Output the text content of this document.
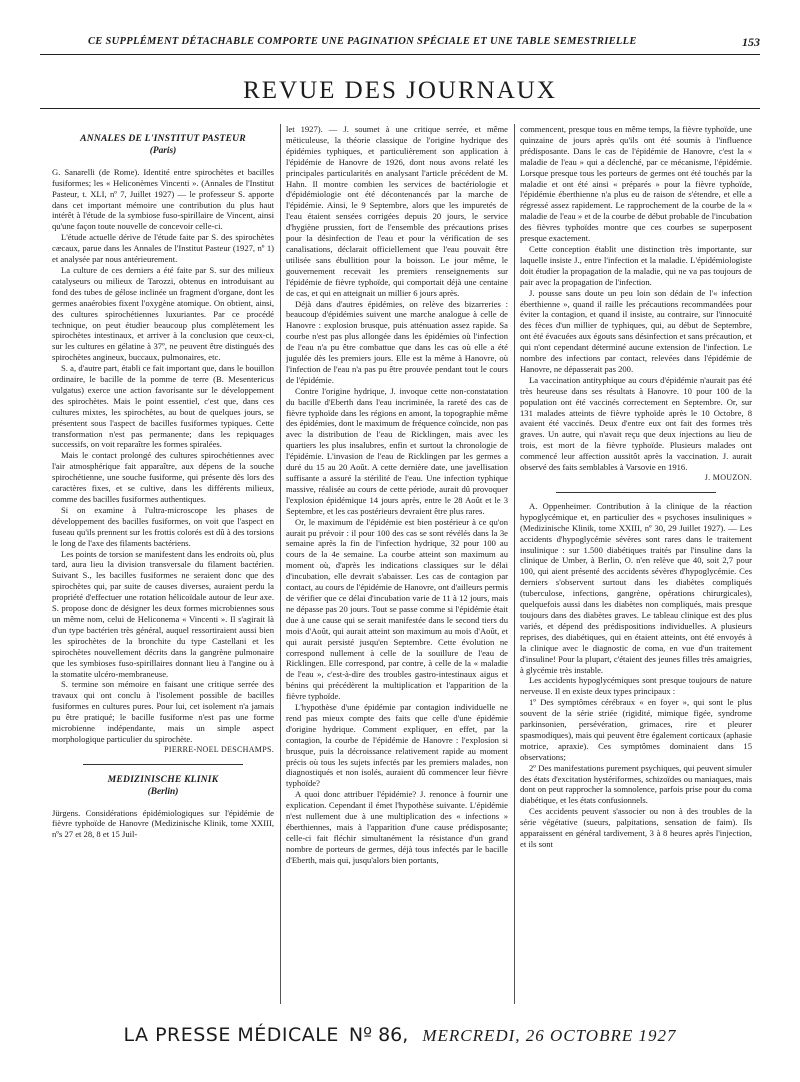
CE SUPPLÉMENT DÉTACHABLE COMPORTE UNE PAGINATION SPÉCIALE ET UNE TABLE SEMESTRIELLE	153
REVUE DES JOURNAUX
ANNALES DE L'INSTITUT PASTEUR
(Paris)

G. Sanarelli (de Rome). Identité entre spirochètes et bacilles fusiformes; les « Heliconèmes Vincenti ». (Annales de l'Institut Pasteur, t. XLI, nº 7, Juillet 1927) — le professeur S. apporte dans cet important mémoire une contribution du plus haut intérêt à l'étude de la symbiose fuso-spirillaire de Vincent, ainsi qu'une façon toute nouvelle de concevoir celle-ci.

L'étude actuelle dérive de l'étude faite par S. des spirochètes cæcaux, parue dans les Annales de l'Institut Pasteur (1927, nº 1) et analysée par nous antérieurement.

La culture de ces derniers a été faite par S. sur des milieux catalyseurs ou milieux de Tarozzi, obtenus en introduisant au fond des tubes de gélose inclinée un fragment d'organe, dont les germes anaérobies fixent l'oxygène atomique. On obtient, ainsi, des cultures spirochétiennes luxuriantes. Par ce procédé technique, on peut étudier beaucoup plus complètement les spirochètes intestinaux, et arriver à la conclusion que ceux-ci, sur les cultures en gélatine à 37º, ne peuvent être distingués des spirochètes angineux, buccaux, pulmonaires, etc.

S. a, d'autre part, établi ce fait important que, dans le bouillon ordinaire, le bacille de la pomme de terre (B. Mesentericus vulgatus) exerce une action favorisante sur le développement des spirochètes. Mais le point essentiel, c'est que, dans ces cultures mixtes, les spirochètes, au bout de quelques jours, se présentent sous l'aspect de bacilles fusiformes typiques. Cette transformation n'est pas permanente; dans les repiquages successifs, on voit reparaître les formes spiralées.

Mais le contact prolongé des cultures spirochétiennes avec l'air atmosphérique fait apparaître, aux dépens de la souche spirochétienne, une souche fusiforme, qui présente dès lors des caractères fixes, et se cultive, dans les différents milieux, comme des bacilles fusiformes authentiques.

Si on examine à l'ultra-microscope les phases de développement des bacilles fusiformes, on voit que l'aspect en fuseau qu'ils prennent sur les frottis colorés est dû à des torsions le long de l'axe des filaments bactériens.

Les points de torsion se manifestent dans les endroits où, plus tard, aura lieu la division transversale du filament bactérien. Suivant S., les bacilles fusiformes ne seraient donc que des spirochètes qui, par suite de causes diverses, auraient perdu la propriété d'effectuer une rotation hélicoïdale autour de leur axe. S. propose donc de désigner les deux formes microbiennes sous un même nom, celui de Heliconema « Vincenti ». Il s'agirait là d'un type bactérien très général, auquel ressortiraient aussi bien les spirochètes de la bronchite du type Castellani et les spirochètes nouvellement décrits dans la gangrène pulmonaire que les symbioses fuso-spirillaires donnant lieu à l'angine ou à la stomatite ulcéro-membraneuse.

S. termine son mémoire en faisant une critique serrée des travaux qui ont conclu à l'isolement possible de bacilles fusiformes en cultures pures. Pour lui, cet isolement n'a jamais pu être pratiqué; le bacille fusiforme n'est pas une forme microbienne indépendante, mais un simple aspect morphologique particulier du spirochète.

PIERRE-NOEL DESCHAMPS.

MEDIZINISCHE KLINIK
(Berlin)

Jürgens. Considérations épidémiologiques sur l'épidémie de fièvre typhoïde de Hanovre (Medizinische Klinik, tome XXIII, nºs 27 et 28, 8 et 15 Juil-

let 1927). — J. soumet à une critique serrée, et même méticuleuse, la théorie classique de l'origine hydrique des épidémies typhiques, et particulièrement son application à l'épidémie de Hanovre de 1926, dont nous avons relaté les principales particularités en analysant l'article précédent de M. Hahn. Il montre combien les services de bactériologie et d'épidémiologie ont été décontenancés par la marche de l'épidémie. Ainsi, le 9 Septembre, alors que les impuretés de l'eau étaient sensées corrigées depuis 20 jours, le service d'hygiène prussien, fort de l'ensemble des précautions prises pour la désinfection de l'eau et pour la vérification de ses canalisations, déclarait officiellement que l'eau pouvait être utilisée sans ébullition pour la boisson. Le jour même, le gouvernement recevait les premiers renseignements sur l'épidémie de fièvre typhoïde, qui comportait déjà une centaine de cas, et qui en atteignait un millier 6 jours après.

Déjà dans d'autres épidémies, on relève des bizarreries : beaucoup d'épidémies suivent une marche analogue à celle de Hanovre : explosion brusque, puis atténuation assez rapide. Sa courbe n'est pas plus allongée dans les épidémies où l'infection de l'eau n'a pu être combattue que dans les cas où elle a été jugulée dès les premiers jours. Elle est la même à Hanovre, où l'infection de l'eau n'a pas pu être prouvée pendant tout le cours de l'épidémie.

Contre l'origine hydrique, J. invoque cette non-constatation du bacille d'Eberth dans l'eau incriminée, la rareté des cas de fièvre typhoïde dans les régions en amont, la topographie même des épidémies, dont le maximum de fréquence coïncide, non pas avec la distribution de l'eau de Ricklingen, mais avec les quartiers les plus insalubres, enfin et surtout la chronologie de l'épidémie. L'invasion de l'eau de Ricklingen par les germes a duré du 15 au 20 Août. A cette dernière date, une javellisation suffisante a assuré la stérilité de l'eau. Une infection typhique massive, réalisée au cours de cette période, aurait dû provoquer l'explosion épidémique 14 jours après, entre le 28 Août et le 3 Septembre, et les cas postérieurs devraient être plus rares.

Or, le maximum de l'épidémie est bien postérieur à ce qu'on aurait pu prévoir : il pour 100 des cas se sont révélés dans la 3e semaine après la fin de l'infection hydrique, 32 pour 100 au cours de la 4e semaine. La courbe atteint son maximum au moment où, d'après les indications classiques sur le délai d'incubation, elle devrait s'abaisser. Les cas de contagion par contact, au cours de l'épidémie de Hanovre, ont d'ailleurs permis de vérifier que ce délai d'incubation varie de 11 à 12 jours, mais ne dépasse pas 20 jours. Tout se passe comme si l'épidémie était due à une cause qui se serait manifestée dans le second tiers du mois d'Août, qui aurait atteint son maximum au mois d'Août, et qui aurait persisté jusqu'en Septembre. Cette évolution ne correspond nullement à celle de la souillure de l'eau de Ricklingen. Elle correspond, par contre, à celle de la « maladie de l'eau », c'est-à-dire des troubles gastro-intestinaux aigus et bénins qui précédèrent la multiplication et l'apparition de la fièvre typhoïde.

L'hypothèse d'une épidémie par contagion individuelle ne rend pas mieux compte des faits que celle d'une épidémie d'origine hydrique. Comment expliquer, en effet, par la contagion, la courbe de l'épidémie de Hanovre : l'explosion si brusque, puis la décroissance relativement rapide au moment précis où tous les sujets infectés par les premiers malades, non diagnostiqués et non isolés, auraient dû commencer leur fièvre typhoïde?

A quoi donc attribuer l'épidémie? J. renonce à fournir une explication. Cependant il émet l'hypothèse suivante. L'épidémie n'est nullement due à une multiplication des « infections » éberthiennes, mais à l'apparition d'une cause prédisposante; celle-ci fait fléchir simultanément la résistance d'un grand nombre de porteurs de germes, déjà tous infectés par le bacille d'Eberth, mais qui, jusqu'alors bien portants,

commencent, presque tous en même temps, la fièvre typhoïde, une quinzaine de jours après qu'ils ont été soumis à l'influence prédisposante. Dans le cas de l'épidémie de Hanovre, c'est la « maladie de l'eau » qui a déclenché, par ce mécanisme, l'épidémie. Lorsque presque tous les porteurs de germes ont été touchés par la maladie et ont été ainsi « préparés » pour la fièvre typhoïde, l'épidémie éberthienne n'a plus eu de raison de s'étendre, et elle a régressé assez rapidement. Le rapprochement de la courbe de la « maladie de l'eau » et de la courbe de début probable de l'incubation des fièvres typhoïdes montre que ces courbes se superposent presque exactement.

Cette conception établit une distinction très importante, sur laquelle insiste J., entre l'infection et la maladie. L'épidémiologiste doit étudier la propagation de la maladie, qui ne va pas toujours de pair avec la propagation de l'infection.

J. pousse sans doute un peu loin son dédain de l'« infection éberthienne », quand il raille les précautions recommandées pour éviter la contagion, et quand il insiste, au contraire, sur l'innocuité des fèces d'un millier de typhiques, qui, au début de Septembre, ont été évacuées aux égouts sans désinfection et sans précaution, et qui n'ont cependant déterminé aucune extension de l'infection. Le nombre des infections par contact, relevées dans l'épidémie de Hanovre, ne dépasserait pas 200.

La vaccination antityphique au cours d'épidémie n'aurait pas été très heureuse dans ses résultats à Hanovre. 10 pour 100 de la population ont été vaccinés correctement en Septembre. Or, sur 131 malades atteints de fièvre typhoïde après le 10 Octobre, 8 avaient été vaccinés. Deux d'entre eux ont fait des formes très graves. Un autre, qui n'avait reçu que deux injections au lieu de trois, est mort de la fièvre typhoïde. Plusieurs malades ont commencé leur affection aussitôt après la vaccination. J. aurait observé des faits semblables à Varsovie en 1916.

J. MOUZON.

A. Oppenheimer. Contribution à la clinique de la réaction hypoglycémique et, en particulier des « psychoses insuliniques » (Medizinische Klinik, tome XXIII, nº 30, 29 Juillet 1927). — Les accidents d'hypoglycémie sévères sont rares dans le traitement insulinique : sur 1.500 diabétiques traités par l'insuline dans la clinique de Umber, à Berlin, O. n'en relève que 40, soit 2,7 pour 100, qui aient présenté des accidents sévères d'hypoglycémie. Ces derniers s'observent surtout dans les diabètes compliqués (tuberculose, infections, gangrène, opérations chirurgicales), quelquefois aussi dans les diabètes non compliqués, mais presque toujours dans des diabètes graves. Le tableau clinique est des plus variés, et dépend des prédispositions individuelles. A plusieurs reprises, des diabétiques, qui en étaient atteints, ont été envoyés à la clinique avec le diagnostic de coma, en vue d'un traitement d'insuline! Pour la plupart, c'étaient des jeunes filles très amaigries, à glycémie très instable.

Les accidents hypoglycémiques sont presque toujours de nature nerveuse. Il en existe deux types principaux :

1º Des symptômes cérébraux « en foyer », qui sont le plus souvent de la série striée (rigidité, mimique figée, syndrome parkinsonien, persévération, grimaces, rire et pleurer spasmodiques), mais qui peuvent être également corticaux (aphasie motrice, apraxie). Ces symptômes dominaient dans 15 observations;

2º Des manifestations purement psychiques, qui peuvent simuler des états d'excitation hystériformes, schizoïdes ou maniaques, mais dont on peut rapprocher la somnolence, parfois prise pour du coma diabétique, et les états confusionnels.

Ces accidents peuvent s'associer ou non à des troubles de la série végétative (sueurs, palpitations, sensation de faim). Ils apparaissent en général tardivement, 3 à 8 heures après l'injection, et ils sont

LA PRESSE MÉDICALE Nº 86, MERCREDI, 26 OCTOBRE 1927
